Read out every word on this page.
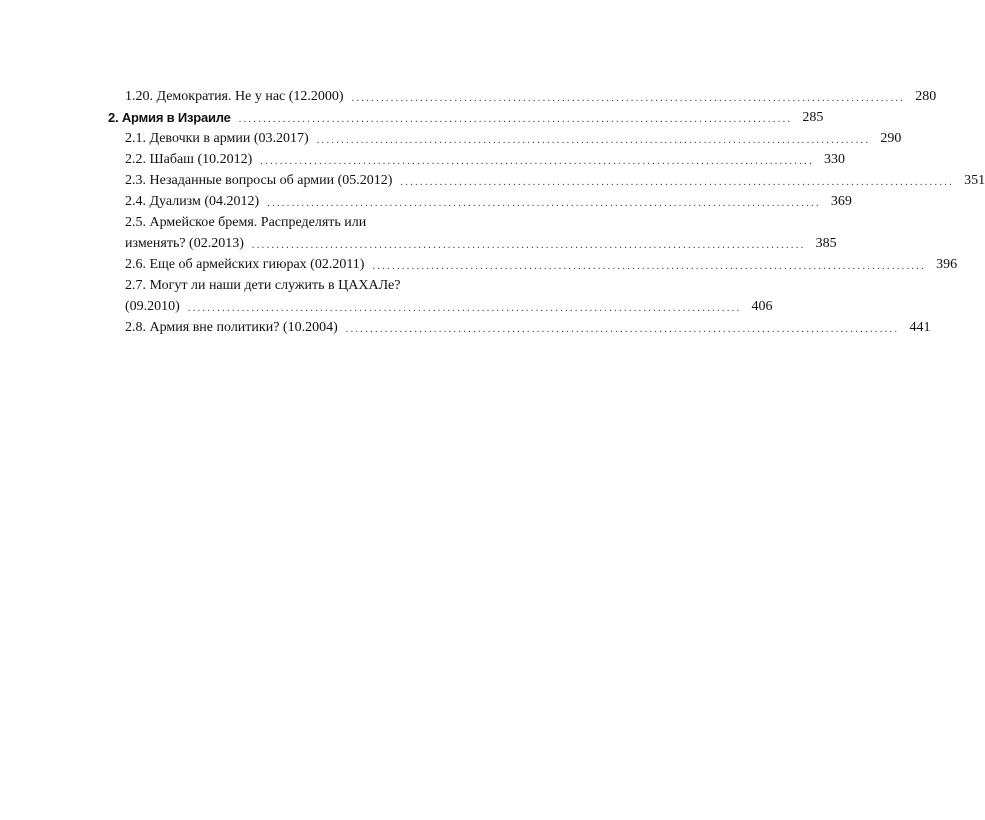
1.20. Демократия. Не у нас (12.2000) ................................................................................................................. 280
2. Армия в Израиле ................................................................................................................. 285
2.1. Девочки в армии (03.2017) ................................................................................................................. 290
2.2. Шабаш (10.2012) ................................................................................................................. 330
2.3. Незаданные вопросы об армии (05.2012) ................................................................................................................. 351
2.4. Дуализм (04.2012) ................................................................................................................. 369
2.5. Армейское бремя. Распределять или
изменять? (02.2013) ................................................................................................................. 385
2.6. Еще об армейских гиюрах (02.2011) ................................................................................................................. 396
2.7. Могут ли наши дети служить в ЦАХАЛе?
(09.2010) ................................................................................................................. 406
2.8. Армия вне политики? (10.2004) ................................................................................................................. 441
